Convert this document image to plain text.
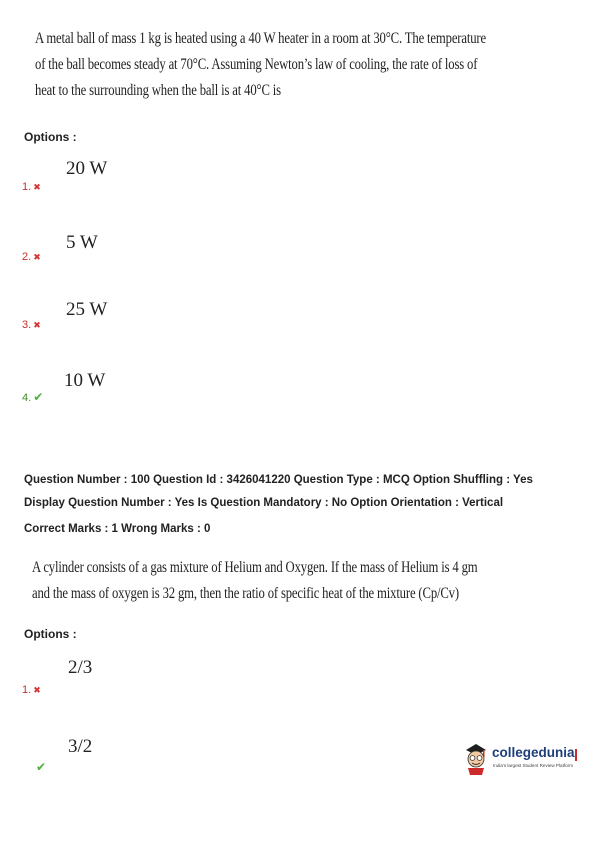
A metal ball of mass 1 kg is heated using a 40 W heater in a room at 30°C. The temperature
of the ball becomes steady at 70°C. Assuming Newton’s law of cooling, the rate of loss of
heat to the surrounding when the ball is at 40°C is
Options :
20 W
1. ✖
5 W
2. ✖
25 W
3. ✖
10 W
4. ✔
Question Number : 100 Question Id : 3426041220 Question Type : MCQ Option Shuffling : Yes
Display Question Number : Yes Is Question Mandatory : No Option Orientation : Vertical
Correct Marks : 1 Wrong Marks : 0
A cylinder consists of a gas mixture of Helium and Oxygen. If the mass of Helium is 4 gm
and the mass of oxygen is 32 gm, then the ratio of specific heat of the mixture (Cp/Cv)
Options :
2/3
1. ✖
3/2
✔
collegedunia
India's largest Student Review Platform
